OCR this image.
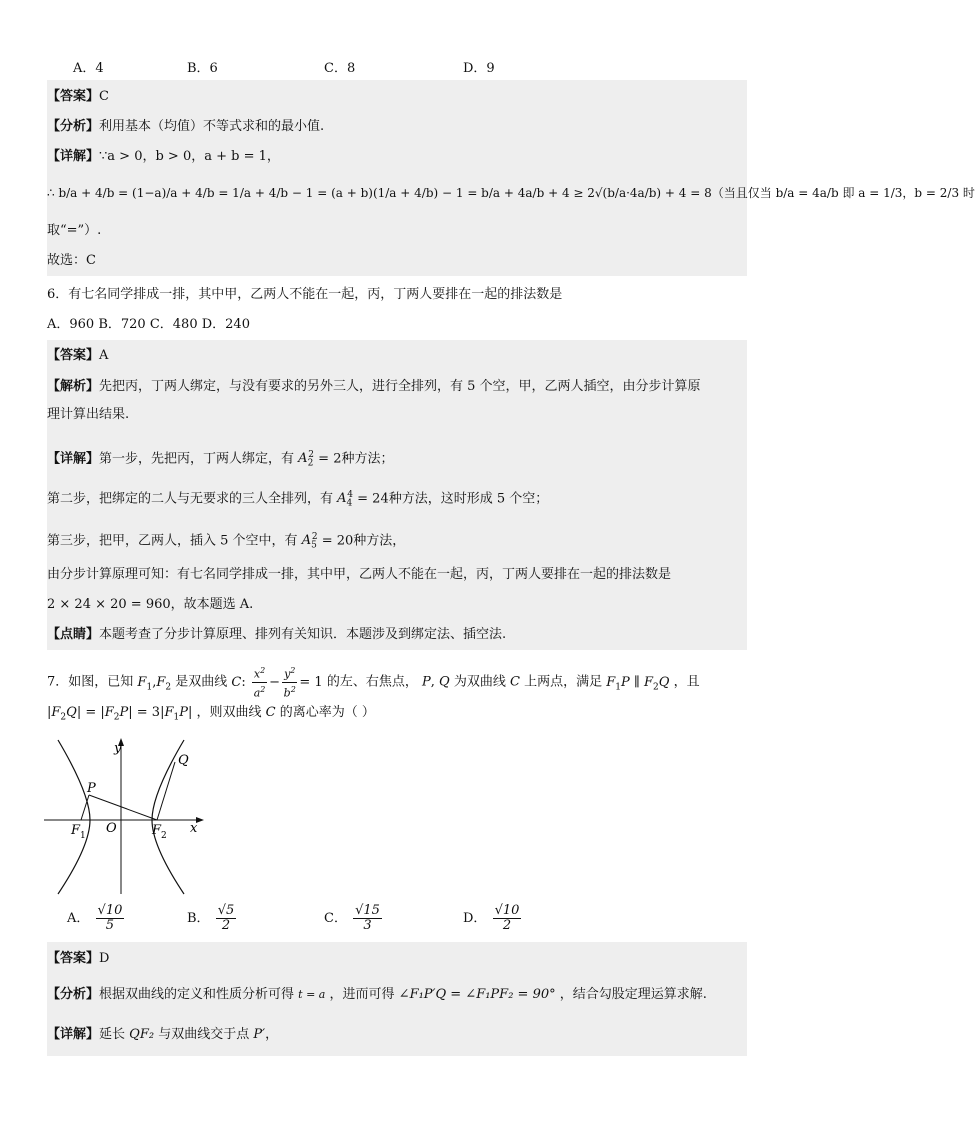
A．4	B．6	C．8	D．9
【答案】C
【分析】利用基本（均值）不等式求和的最小值.
【详解】∵a > 0，b > 0，a + b = 1，
∴ b/a + 4/b = (1−a)/a + 4/b = 1/a + 4/b − 1 = (a + b)(1/a + 4/b) − 1 = b/a + 4a/b + 4 ≥ 2√(b/a·4a/b) + 4 = 8（当且仅当 b/a = 4a/b 即 a = 1/3，b = 2/3 时
取“=”）.
故选：C
6．有七名同学排成一排，其中甲，乙两人不能在一起，丙，丁两人要排在一起的排法数是
A．960 B．720 C．480 D．240
【答案】A
【解析】先把丙，丁两人绑定，与没有要求的另外三人，进行全排列，有 5 个空，甲，乙两人插空，由分步计算原
理计算出结果.
【详解】第一步，先把丙，丁两人绑定，有 $A_2^2 = 2$种方法；
第二步，把绑定的二人与无要求的三人全排列，有 $A_4^4 = 24$种方法，这时形成 5 个空；
第三步，把甲，乙两人，插入 5 个空中，有 $A_5^2 = 20$种方法，
由分步计算原理可知：有七名同学排成一排，其中甲，乙两人不能在一起，丙，丁两人要排在一起的排法数是
2 × 24 × 20 = 960，故本题选 A.
【点睛】本题考查了分步计算原理、排列有关知识．本题涉及到绑定法、插空法.
7．如图，已知 $F_1,F_2$ 是双曲线 C: $\frac{x^2}{a^2} - \frac{y^2}{b^2} = 1$ 的左、右焦点， P, Q 为双曲线 C 上两点，满足 $F_1P$ ∥ $F_2Q$ ，且
$|F_2Q| = |F_2P| = 3|F_1P|$ ，则双曲线 C 的离心率为（ ）
y
x
P
Q
O
F 1	F 2
A． $\frac{√10}{5}$	B． $\frac{√5}{2}$	C． $\frac{√15}{3}$	D． $\frac{√10}{2}$
【答案】D
【分析】根据双曲线的定义和性质分析可得 t = a ，进而可得 ∠F₁P′Q = ∠F₁PF₂ = 90° ，结合勾股定理运算求解.
【详解】延长 QF₂ 与双曲线交于点 P′，
